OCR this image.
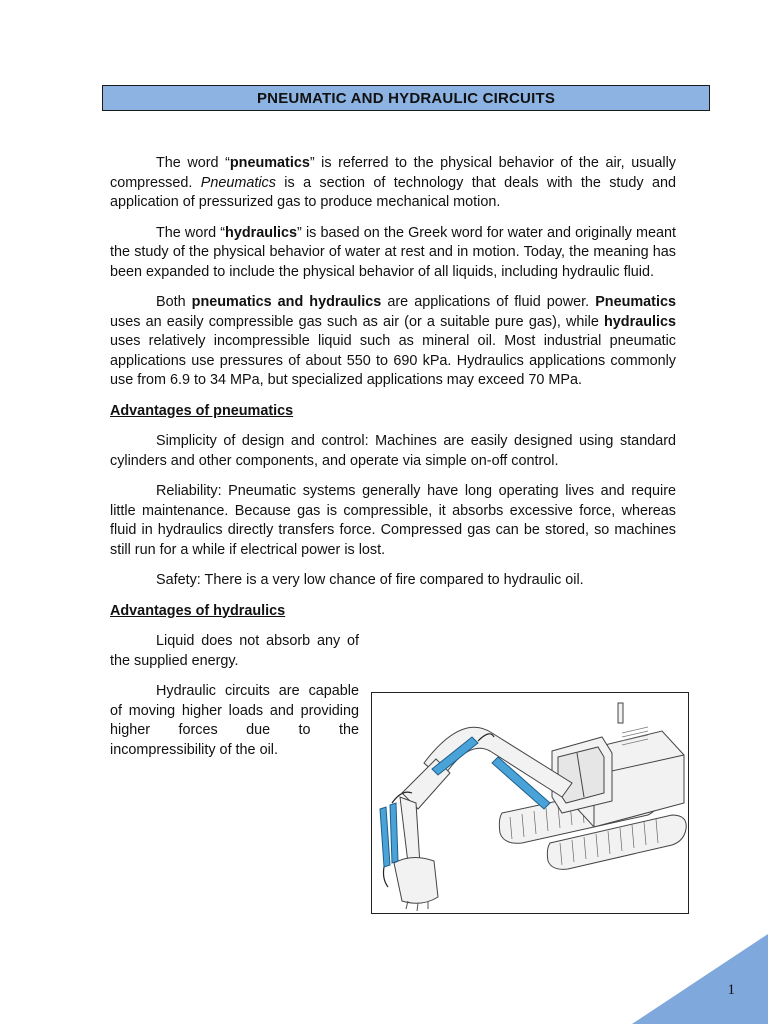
PNEUMATIC AND HYDRAULIC CIRCUITS

The word “pneumatics” is referred to the physical behavior of the air, usually compressed. Pneumatics is a section of technology that deals with the study and application of pressurized gas to produce mechanical motion.

The word “hydraulics” is based on the Greek word for water and originally meant the study of the physical behavior of water at rest and in motion. Today, the meaning has been expanded to include the physical behavior of all liquids, including hydraulic fluid.

Both pneumatics and hydraulics are applications of fluid power. Pneumatics uses an easily compressible gas such as air (or a suitable pure gas), while hydraulics uses relatively incompressible liquid such as mineral oil. Most industrial pneumatic applications use pressures of about 550 to 690 kPa. Hydraulics applications commonly use from 6.9 to 34 MPa, but specialized applications may exceed 70 MPa.

Advantages of pneumatics

Simplicity of design and control: Machines are easily designed using standard cylinders and other components, and operate via simple on-off control.

Reliability: Pneumatic systems generally have long operating lives and require little maintenance. Because gas is compressible, it absorbs excessive force, whereas fluid in hydraulics directly transfers force. Compressed gas can be stored, so machines still run for a while if electrical power is lost.

Safety: There is a very low chance of fire compared to hydraulic oil.

Advantages of hydraulics

Liquid does not absorb any of the supplied energy.

Hydraulic circuits are capable of moving higher loads and providing higher forces due to the incompressibility of the oil.

1
